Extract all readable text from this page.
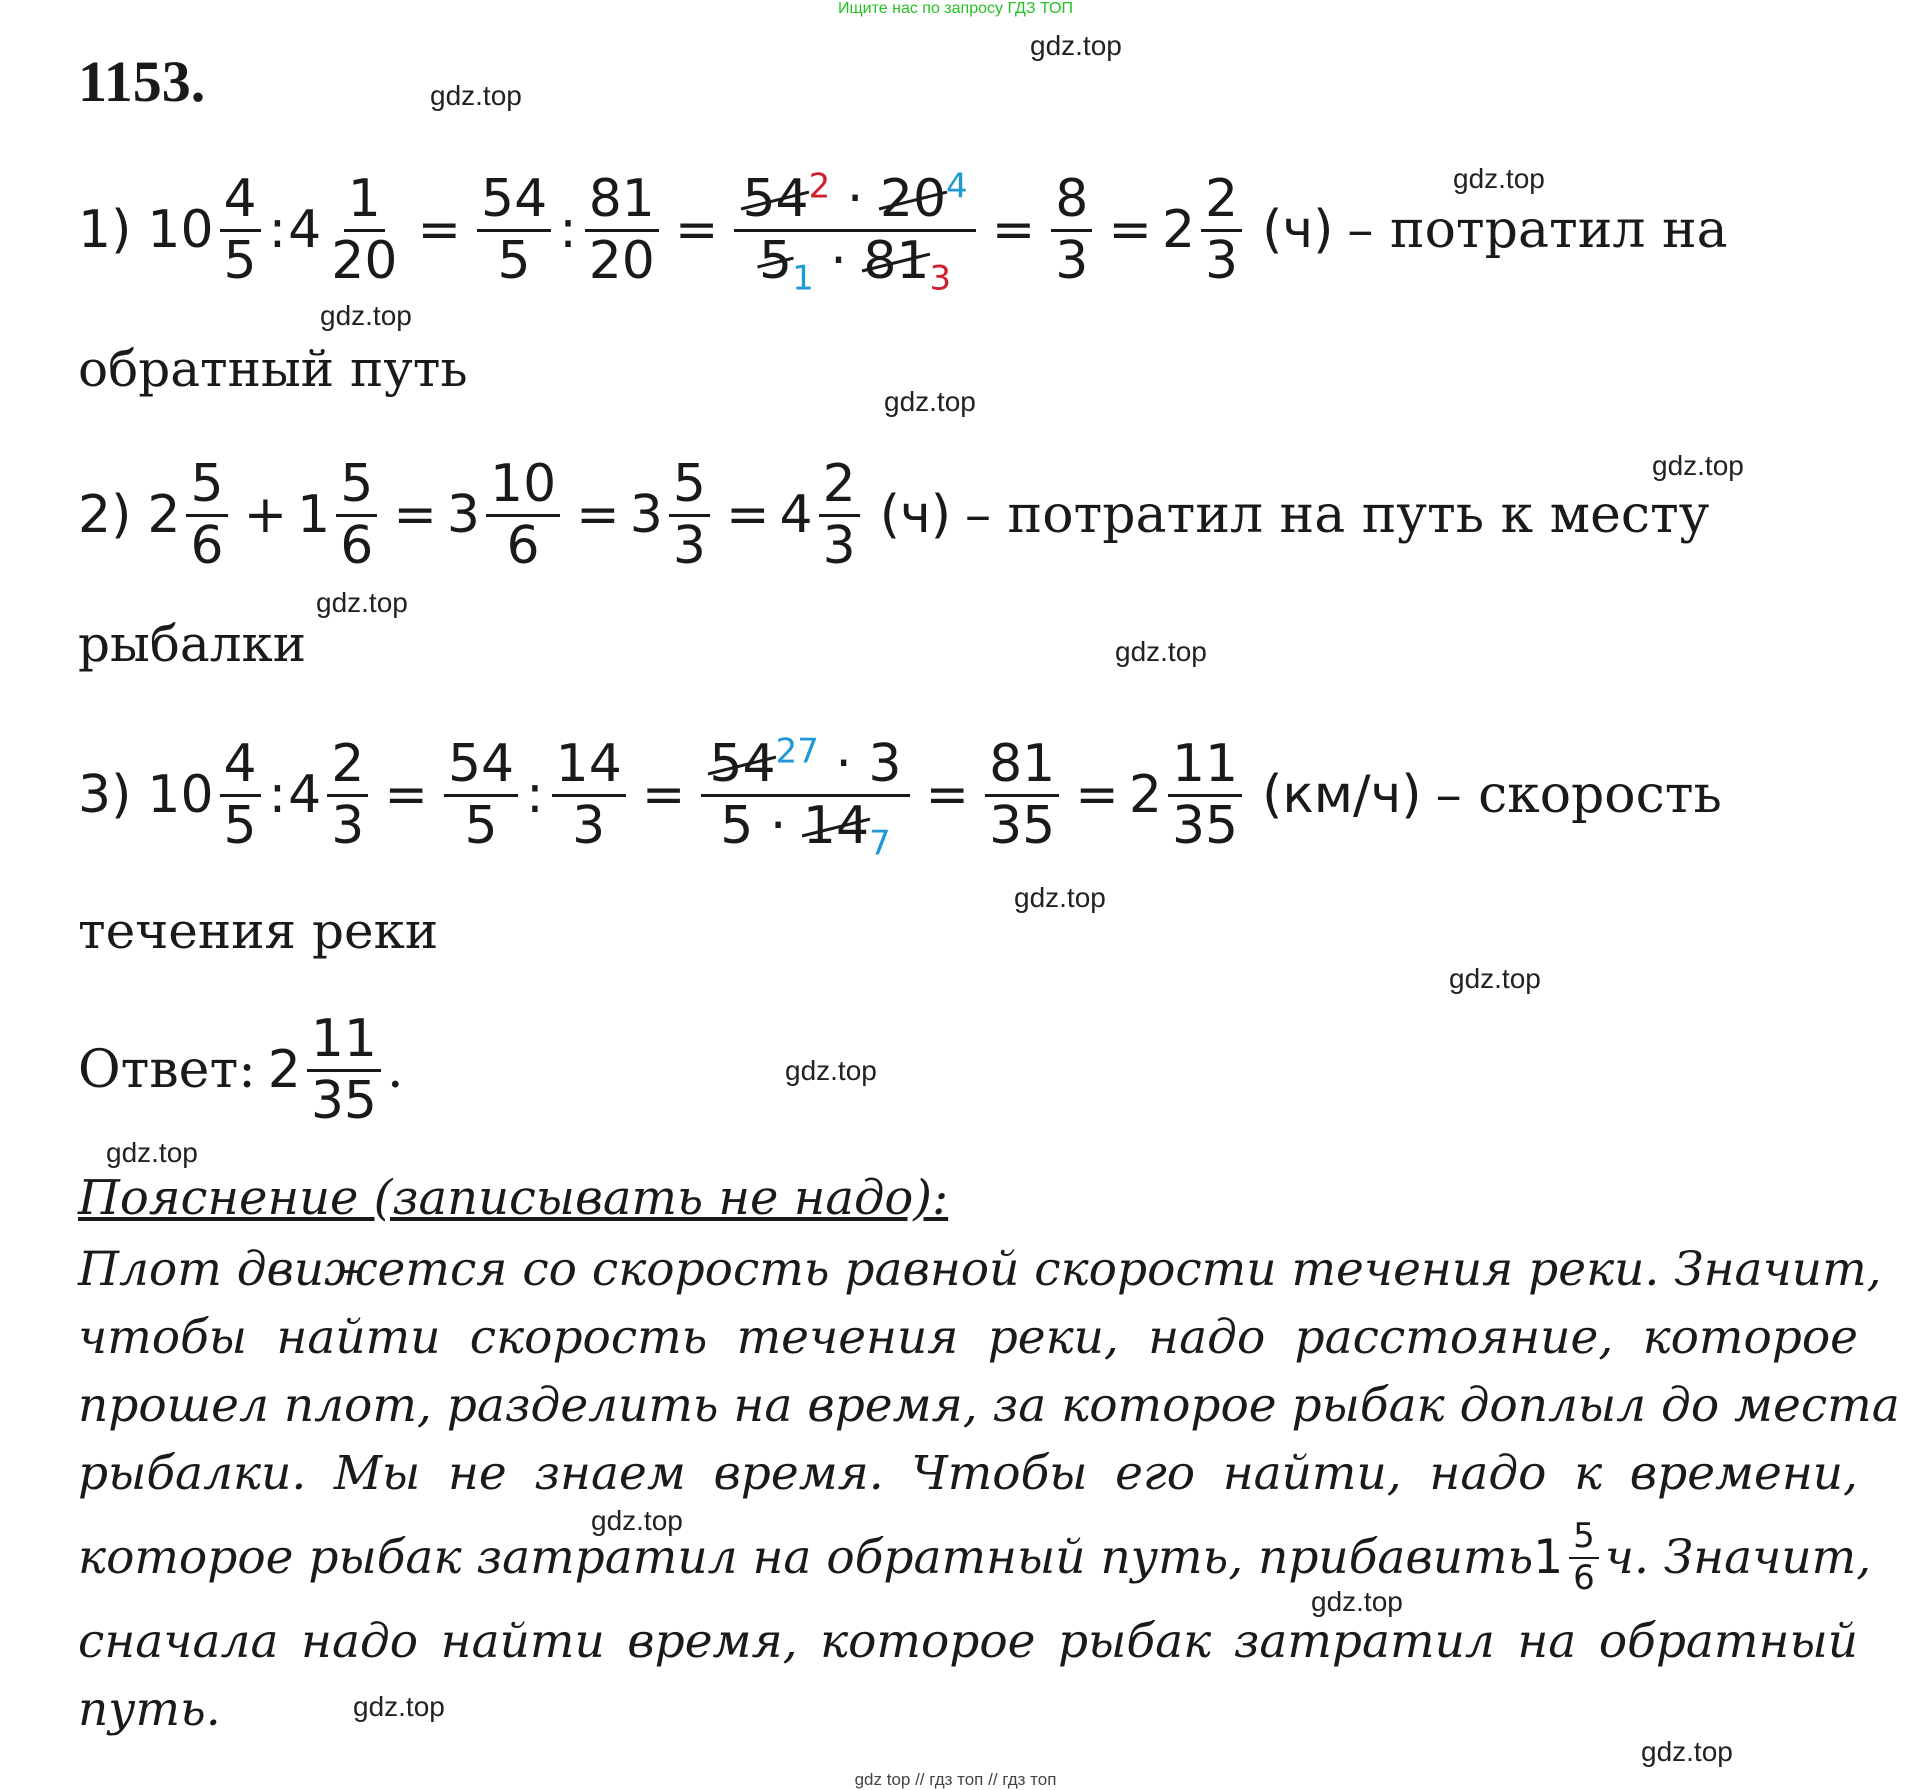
Ищите нас по запросу ГДЗ ТОП
1153.
gdz.top
gdz.top
gdz.top
gdz.top
gdz.top
gdz.top
gdz.top
gdz.top
gdz.top
gdz.top
gdz.top
gdz.top
gdz.top
gdz.top
gdz.top
gdz.top
1) $10 \frac{4}{5}$ : $4 \frac{1}{20} = \frac{54}{5}$ : $\frac{81}{20} = \frac{54^2 \cdot 20^4}{5_1 \cdot 81_3} = \frac{8}{3} = 2 \frac{2}{3} (ч)$ – потратил на
обратный путь
2) $2 \frac{5}{6} + 1 \frac{5}{6} = 3 \frac{10}{6} = 3 \frac{5}{3} = 4 \frac{2}{3} (ч)$ – потратил на путь к месту
рыбалки
3) $10 \frac{4}{5}$ : $4 \frac{2}{3} = \frac{54}{5}$ : $\frac{14}{3} = \frac{54^{27} \cdot 3}{5 \cdot 14_7} = \frac{81}{35} = 2 \frac{11}{35} (км/ч)$ – скорость
течения реки
Ответ: $2 \frac{11}{35}$ .
Пояснение (записывать не надо):
Плот движется со скорость равной скорости течения реки. Значит,
чтобы найти скорость течения реки, надо расстояние, которое
прошел плот, разделить на время, за которое рыбак доплыл до места
рыбалки. Мы не знаем время. Чтобы его найти, надо к времени,
которое рыбак затратил на обратный путь, прибавить $1 \frac{5}{6} ч$. Значит,
сначала надо найти время, которое рыбак затратил на обратный
путь.
gdz top // гдз топ // гдз топ
